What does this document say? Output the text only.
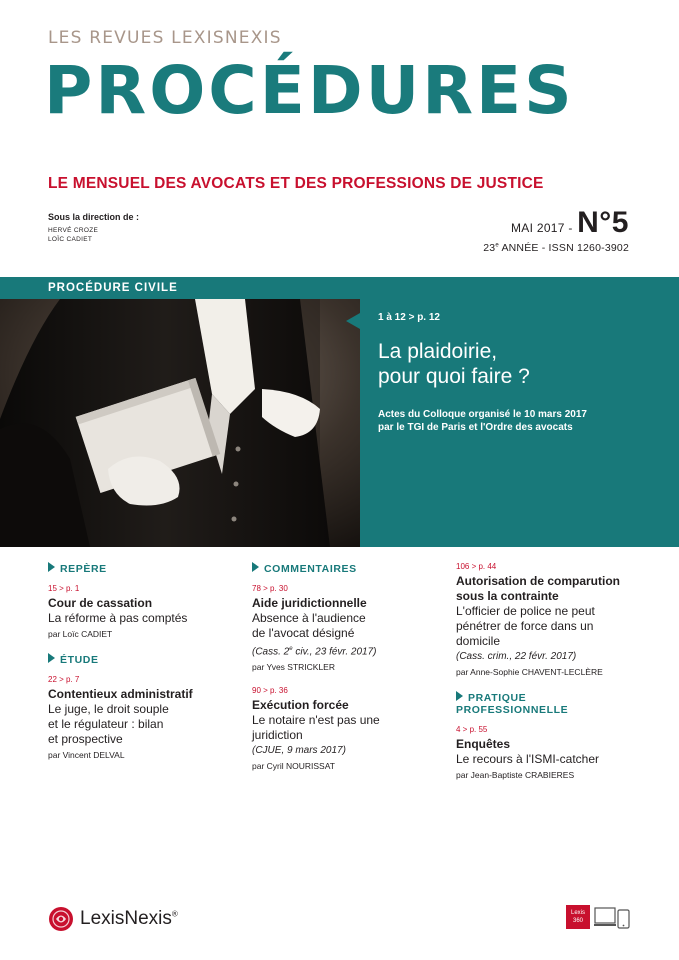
LES REVUES LEXISNEXIS
PROCÉDURES
LE MENSUEL DES AVOCATS ET DES PROFESSIONS DE JUSTICE
Sous la direction de :
HERVÉ CROZE
LOÏC CADIET
MAI 2017 - N°5
23e ANNÉE - ISSN 1260-3902
PROCÉDURE CIVILE
1 à 12 > p. 12
La plaidoirie,
pour quoi faire ?
Actes du Colloque organisé le 10 mars 2017
par le TGI de Paris et l'Ordre des avocats
REPÈRE
15 > p. 1
Cour de cassation
La réforme à pas comptés
par Loïc CADIET
ÉTUDE
22 > p. 7
Contentieux administratif
Le juge, le droit souple
et le régulateur : bilan
et prospective
par Vincent DELVAL
COMMENTAIRES
78 > p. 30
Aide juridictionnelle
Absence à l'audience
de l'avocat désigné
(Cass. 2e civ., 23 févr. 2017)
par Yves STRICKLER
90 > p. 36
Exécution forcée
Le notaire n'est pas une
juridiction
(CJUE, 9 mars 2017)
par Cyril NOURISSAT
106 > p. 44
Autorisation de comparution
sous la contrainte
L'officier de police ne peut
pénétrer de force dans un
domicile
(Cass. crim., 22 févr. 2017)
par Anne-Sophie CHAVENT-LECLÈRE
PRATIQUE
PROFESSIONNELLE
4 > p. 55
Enquêtes
Le recours à l'ISMI-catcher
par Jean-Baptiste CRABIERES
LexisNexis®	Lexis
360
